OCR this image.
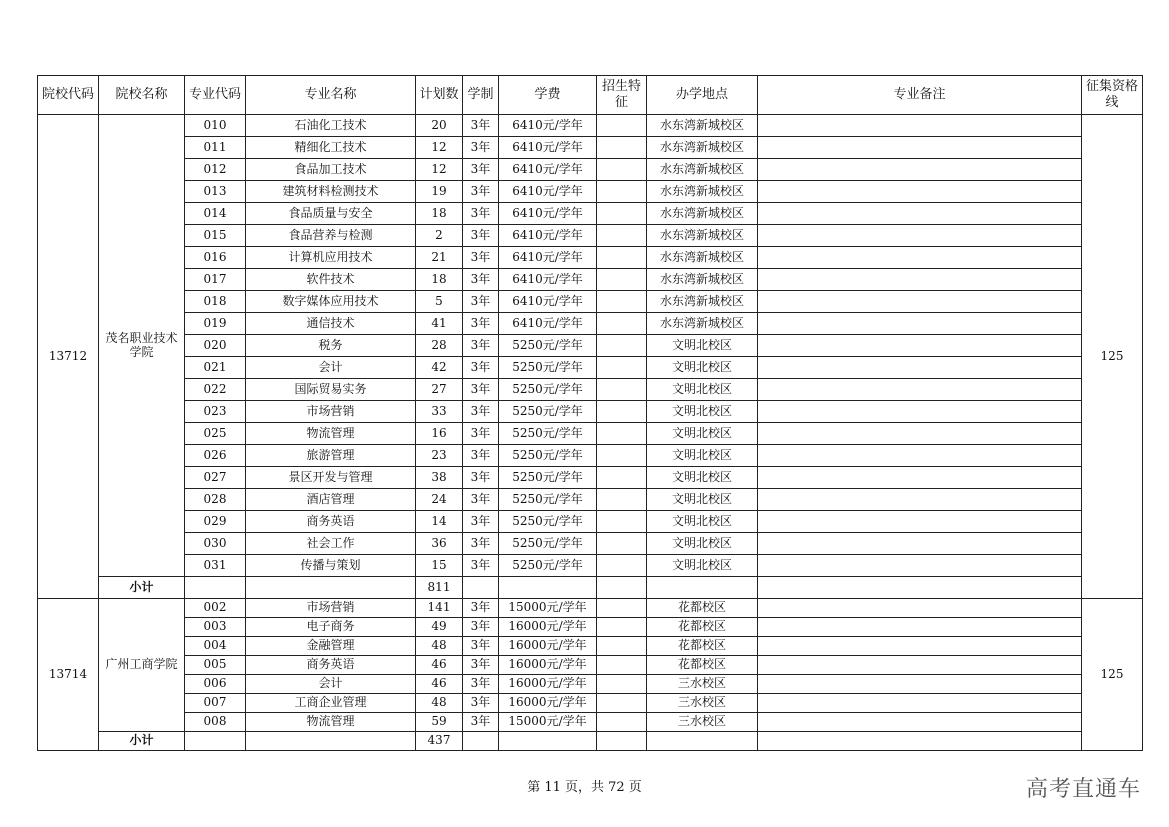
院校代码	院校名称	专业代码	专业名称	计划数	学制	学费	招生特征	办学地点	专业备注	征集资格线

13712	茂名职业技术学院	010	石油化工技术	20	3年	6410元/学年		水东湾新城校区		125
		011	精细化工技术	12	3年	6410元/学年		水东湾新城校区		
		012	食品加工技术	12	3年	6410元/学年		水东湾新城校区		
		013	建筑材料检测技术	19	3年	6410元/学年		水东湾新城校区		
		014	食品质量与安全	18	3年	6410元/学年		水东湾新城校区		
		015	食品营养与检测	2	3年	6410元/学年		水东湾新城校区		
		016	计算机应用技术	21	3年	6410元/学年		水东湾新城校区		
		017	软件技术	18	3年	6410元/学年		水东湾新城校区		
		018	数字媒体应用技术	5	3年	6410元/学年		水东湾新城校区		
		019	通信技术	41	3年	6410元/学年		水东湾新城校区		
		020	税务	28	3年	5250元/学年		文明北校区		
		021	会计	42	3年	5250元/学年		文明北校区		
		022	国际贸易实务	27	3年	5250元/学年		文明北校区		
		023	市场营销	33	3年	5250元/学年		文明北校区		
		025	物流管理	16	3年	5250元/学年		文明北校区		
		026	旅游管理	23	3年	5250元/学年		文明北校区		
		027	景区开发与管理	38	3年	5250元/学年		文明北校区		
		028	酒店管理	24	3年	5250元/学年		文明北校区		
		029	商务英语	14	3年	5250元/学年		文明北校区		
		030	社会工作	36	3年	5250元/学年		文明北校区		
		031	传播与策划	15	3年	5250元/学年		文明北校区		
	小计			811						
13714	广州工商学院	002	市场营销	141	3年	15000元/学年		花都校区		125
		003	电子商务	49	3年	16000元/学年		花都校区		
		004	金融管理	48	3年	16000元/学年		花都校区		
		005	商务英语	46	3年	16000元/学年		花都校区		
		006	会计	46	3年	16000元/学年		三水校区		
		007	工商企业管理	48	3年	16000元/学年		三水校区		
		008	物流管理	59	3年	15000元/学年		三水校区		
	小计			437						
第 11 页，共 72 页	高考直通车
